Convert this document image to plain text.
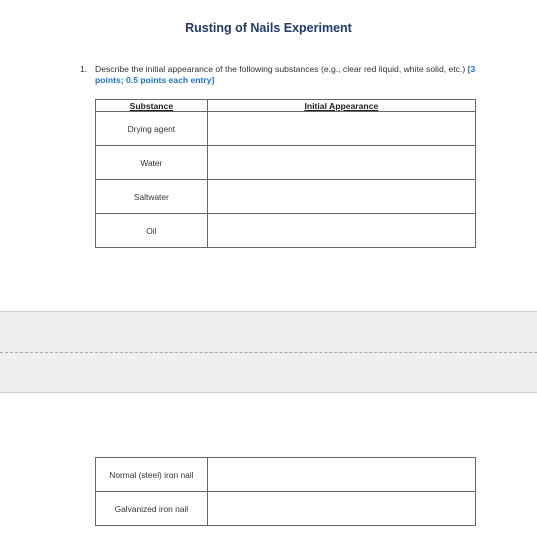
Rusting of Nails Experiment
1. Describe the initial appearance of the following substances (e.g., clear red liquid, white solid, etc.) [3 points; 0.5 points each entry]
Substance	Initial Appearance
Drying agent	
Water	
Saltwater	
Oil	
Normal (steel) iron nail	
Galvanized iron nail	
